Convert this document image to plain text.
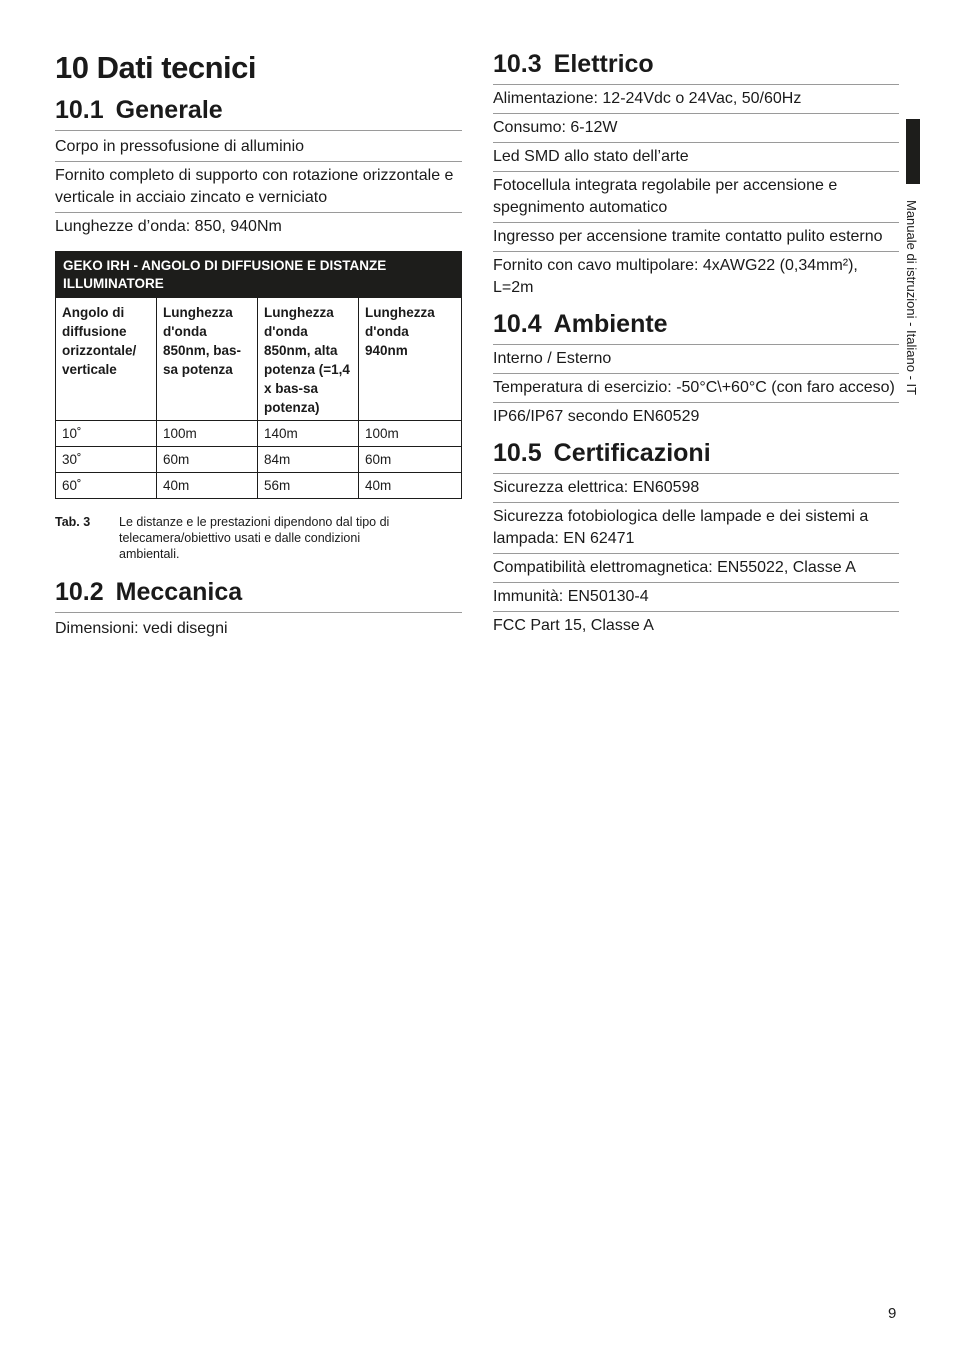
10 Dati tecnici
10.1 Generale
Corpo in pressofusione di alluminio
Fornito completo di supporto con rotazione orizzontale e verticale in acciaio zincato e verniciato
Lunghezze d’onda: 850, 940Nm
GEKO IRH - ANGOLO DI DIFFUSIONE E DISTANZE ILLUMINATORE			
Angolo di diffusione orizzontale/ verticale	Lunghezza d'onda 850nm, bas-sa potenza	Lunghezza d'onda 850nm, alta potenza (=1,4 x bas-sa potenza)	Lunghezza d'onda 940nm
10˚	100m	140m	100m
30˚	60m	84m	60m
60˚	40m	56m	40m
Tab. 3	Le distanze e le prestazioni dipendono dal tipo di telecamera/obiettivo usati e dalle condizioni ambientali.
10.2 Meccanica
Dimensioni: vedi disegni
10.3 Elettrico
Alimentazione: 12-24Vdc o 24Vac, 50/60Hz
Consumo: 6-12W
Led SMD allo stato dell’arte
Fotocellula integrata regolabile per accensione e spegnimento automatico
Ingresso per accensione tramite contatto pulito esterno
Fornito con cavo multipolare: 4xAWG22 (0,34mm²), L=2m
10.4 Ambiente
Interno / Esterno
Temperatura di esercizio: -50°C\+60°C (con faro acceso)
IP66/IP67 secondo EN60529
10.5 Certificazioni
Sicurezza elettrica: EN60598
Sicurezza fotobiologica delle lampade e dei sistemi a lampada: EN 62471
Compatibilità elettromagnetica: EN55022, Classe A
Immunità: EN50130-4
FCC Part 15, Classe A
Manuale di istruzioni - Italiano - IT
9
